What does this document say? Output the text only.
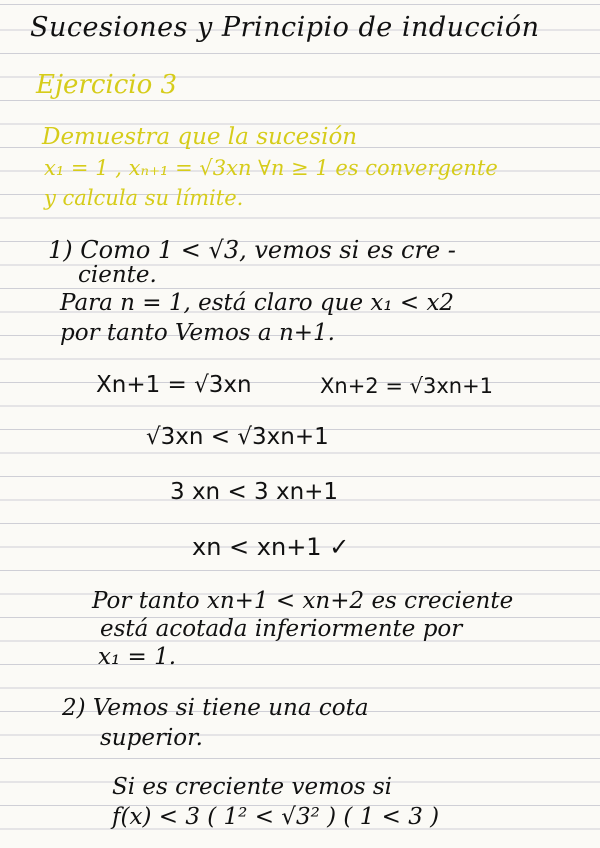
Sucesiones y Principio de inducción
Ejercicio 3
Demuestra que la sucesión
x₁ = 1 , xₙ₊₁ = √3xn ∀n ≥ 1 es convergente
y calcula su límite.
1) Como 1 < √3, vemos si es cre -
ciente.
Para n = 1, está claro que x₁ < x2
por tanto Vemos a n+1.
Xn+1 = √3xn	Xn+2 = √3xn+1
√3xn < √3xn+1
3 xn < 3 xn+1
xn < xn+1 ✓
Por tanto xn+1 < xn+2 es creciente
está acotada inferiormente por
x₁ = 1.
2) Vemos si tiene una cota
superior.
Si es creciente vemos si
f(x) < 3 ( 1² < √3² ) ( 1 < 3 )
